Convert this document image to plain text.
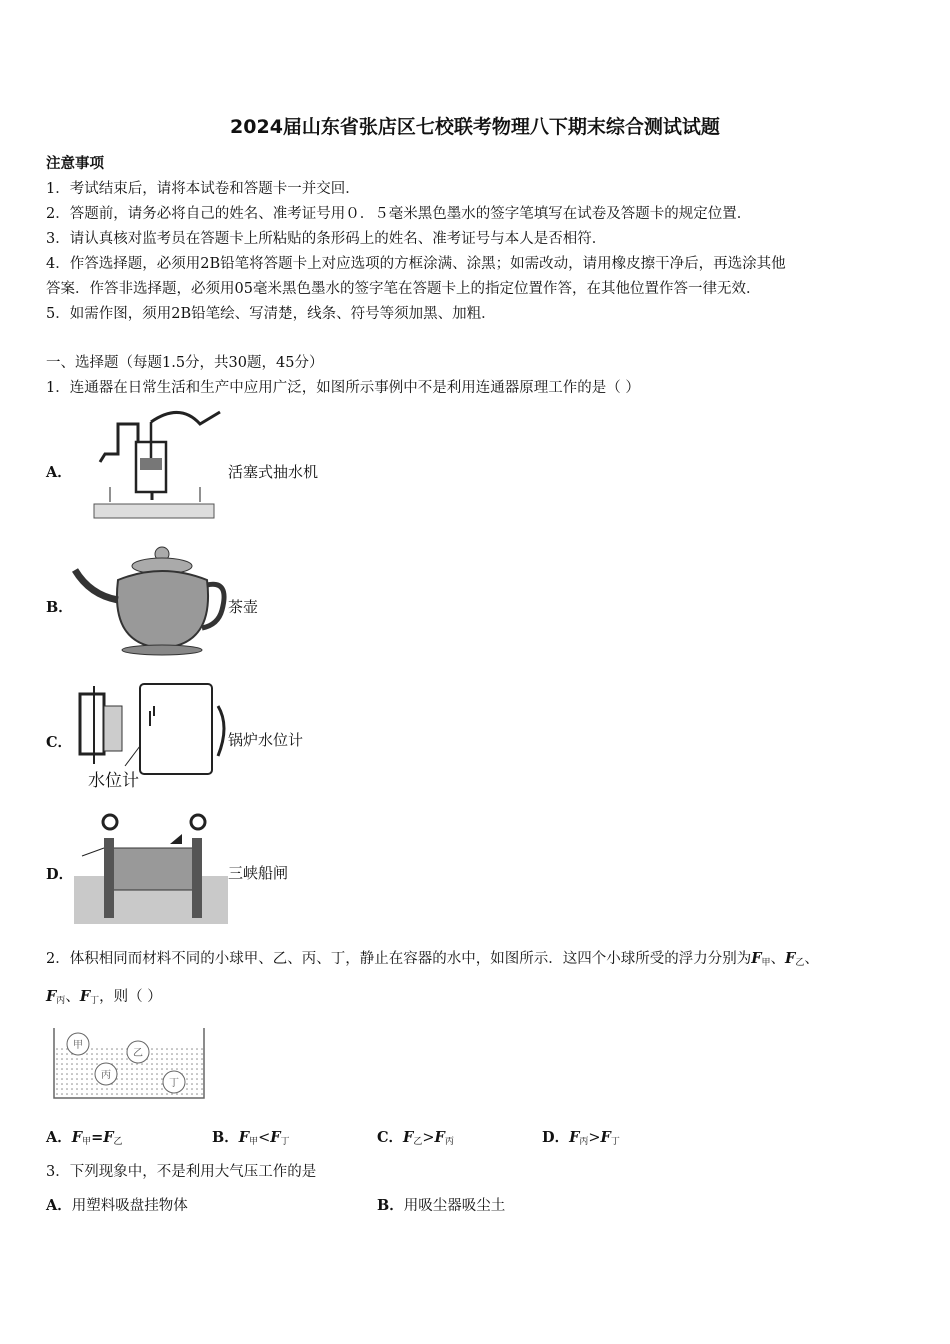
2024届山东省张店区七校联考物理八下期末综合测试试题
注意事项
1．考试结束后，请将本试卷和答题卡一并交回．
2．答题前，请务必将自己的姓名、准考证号用０．５毫米黑色墨水的签字笔填写在试卷及答题卡的规定位置．
3．请认真核对监考员在答题卡上所粘贴的条形码上的姓名、准考证号与本人是否相符．
4．作答选择题，必须用2B铅笔将答题卡上对应选项的方框涂满、涂黑；如需改动，请用橡皮擦干净后，再选涂其他
答案．作答非选择题，必须用05毫米黑色墨水的签字笔在答题卡上的指定位置作答，在其他位置作答一律无效．
5．如需作图，须用2B铅笔绘、写清楚，线条、符号等须加黑、加粗．
一、选择题（每题1.5分，共30题，45分）
1．连通器在日常生活和生产中应用广泛，如图所示事例中不是利用连通器原理工作的是（ ）
A．	活塞式抽水机
B．	茶壶
C．
水位计
锅炉水位计
D．	三峡船闸
2．体积相同而材料不同的小球甲、乙、丙、丁，静止在容器的水中，如图所示．这四个小球所受的浮力分别为$F_甲$、$F_乙$、
$F_丙$、$F_丁$，则（ ）
甲
乙
丙
丁
A．$F_甲=F_乙$	B．$F_甲<F_丁$	C．$F_乙>F_丙$	D．$F_丙>F_丁$
3．下列现象中，不是利用大气压工作的是
A．用塑料吸盘挂物体	B．用吸尘器吸尘土
